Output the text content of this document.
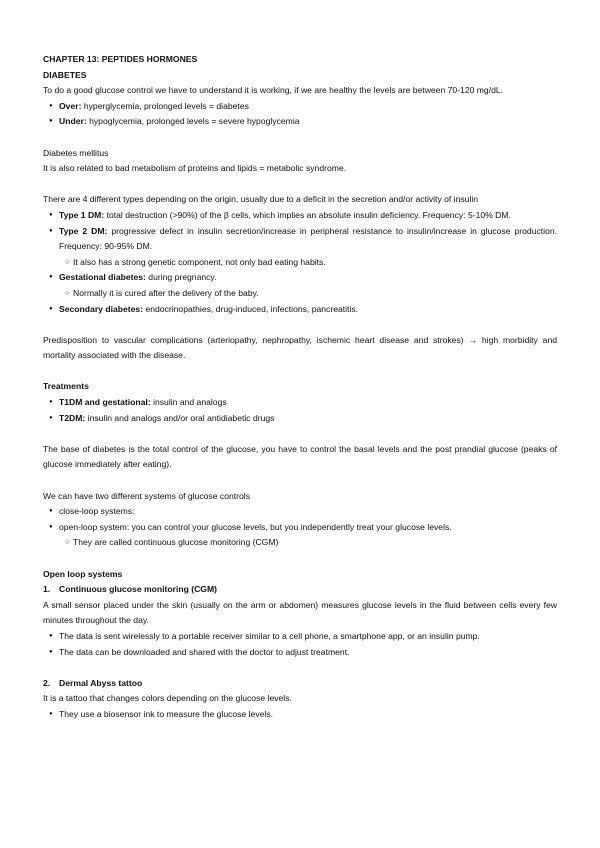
CHAPTER 13: PEPTIDES HORMONES

DIABETES

To do a good glucose control we have to understand it is working, if we are healthy the levels are between 70-120 mg/dL.

● Over: hyperglycemia, prolonged levels = diabetes
● Under: hypoglycemia, prolonged levels = severe hypoglycemia

Diabetes mellitus

It is also related to bad metabolism of proteins and lipids = metabolic syndrome.

There are 4 different types depending on the origin, usually due to a deficit in the secretion and/or activity of insulin

● Type 1 DM: total destruction (>90%) of the β cells, which implies an absolute insulin deficiency. Frequency: 5-10% DM.
● Type 2 DM: progressive defect in insulin secretion/increase in peripheral resistance to insulin/increase in glucose production. Frequency: 90-95% DM.
○ It also has a strong genetic component, not only bad eating habits.
● Gestational diabetes: during pregnancy.
○ Normally it is cured after the delivery of the baby.
● Secondary diabetes: endocrinopathies, drug-induced, infections, pancreatitis.

Predisposition to vascular complications (arteriopathy, nephropathy, ischemic heart disease and strokes) → high morbidity and mortality associated with the disease.

Treatments

● T1DM and gestational: insulin and analogs
● T2DM: insulin and analogs and/or oral antidiabetic drugs

The base of diabetes is the total control of the glucose, you have to control the basal levels and the post prandial glucose (peaks of glucose immediately after eating).

We can have two different systems of glucose controls

● close-loop systems:
● open-loop system: you can control your glucose levels, but you independently treat your glucose levels.
○ They are called continuous glucose monitoring (CGM)

Open loop systems

1. Continuous glucose monitoring (CGM)

A small sensor placed under the skin (usually on the arm or abdomen) measures glucose levels in the fluid between cells every few minutes throughout the day.

● The data is sent wirelessly to a portable receiver similar to a cell phone, a smartphone app, or an insulin pump.
● The data can be downloaded and shared with the doctor to adjust treatment.

2. Dermal Abyss tattoo

It is a tattoo that changes colors depending on the glucose levels.

● They use a biosensor ink to measure the glucose levels.
